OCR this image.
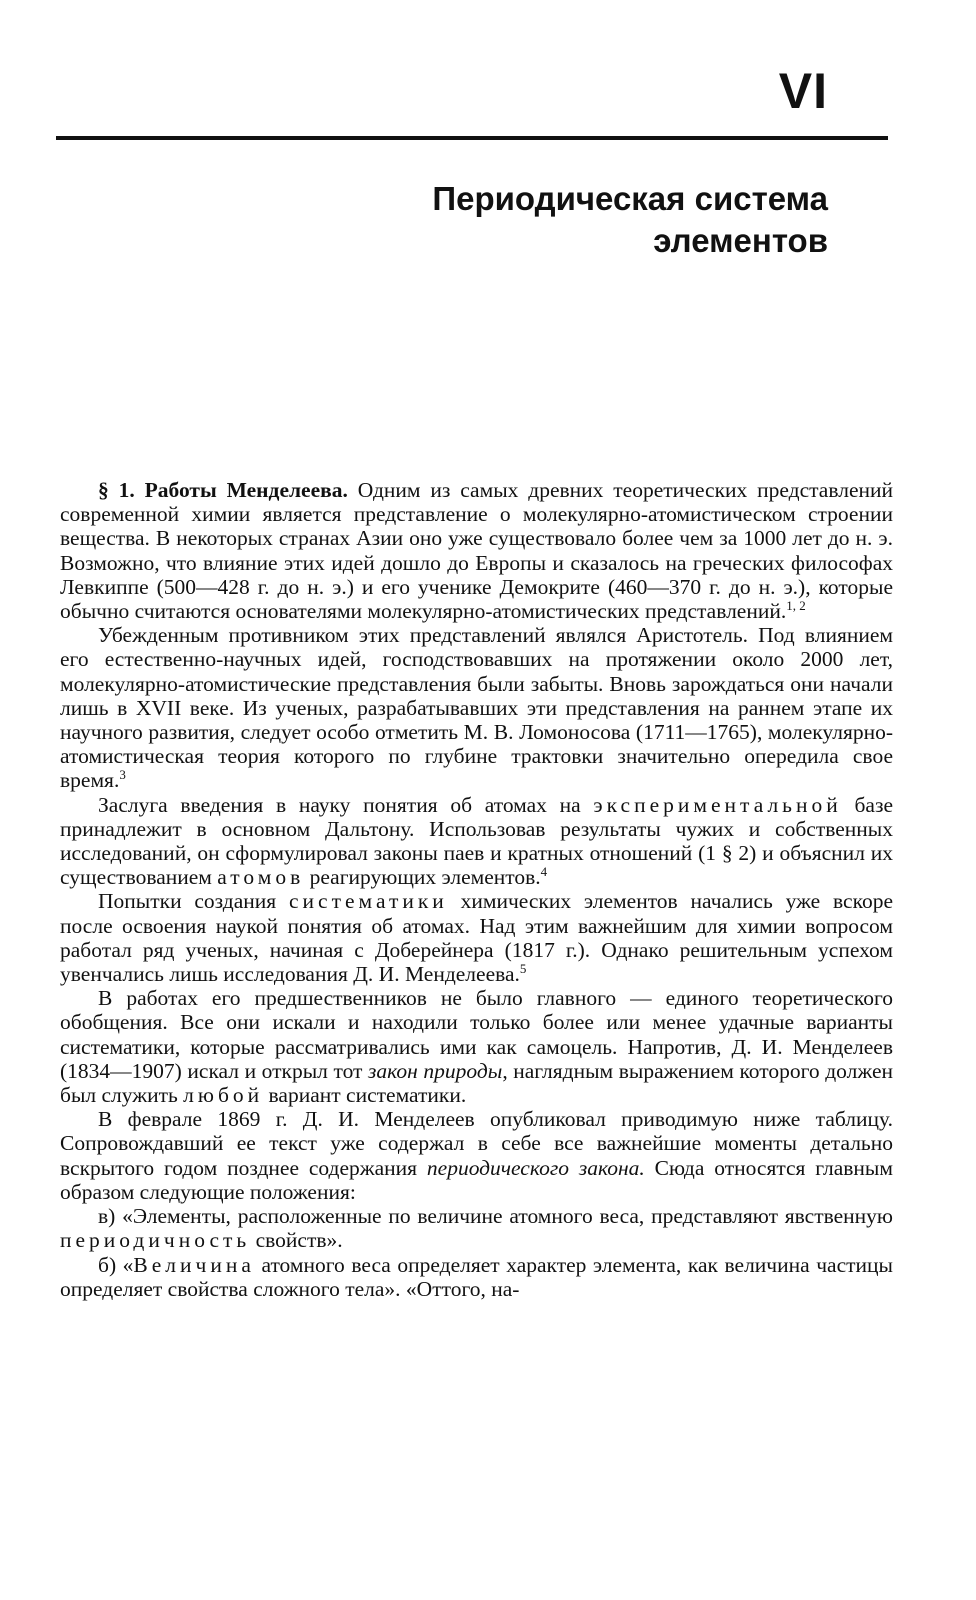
VI
Периодическая система
элементов

§ 1. Работы Менделеева. Одним из самых древних теоретических представлений современной химии является представление о молекулярно-атомистическом строении вещества. В некоторых странах Азии оно уже существовало более чем за 1000 лет до н. э. Возможно, что влияние этих идей дошло до Европы и сказалось на греческих философах Левкиппе (500—428 г. до н. э.) и его ученике Демокрите (460—370 г. до н. э.), которые обычно считаются основателями молекулярно-атомистических представлений.$^{1, 2}$

Убежденным противником этих представлений являлся Аристотель. Под влиянием его естественно-научных идей, господствовавших на протяжении около 2000 лет, молекулярно-атомистические представления были забыты. Вновь зарождаться они начали лишь в XVII веке. Из ученых, разрабатывавших эти представления на раннем этапе их научного развития, следует особо отметить М. В. Ломоносова (1711—1765), молекулярно-атомистическая теория которого по глубине трактовки значительно опередила свое время.$^3$

Заслуга введения в науку понятия об атомах на экспериментальной базе принадлежит в основном Дальтону. Использовав результаты чужих и собственных исследований, он сформулировал законы паев и кратных отношений (1 § 2) и объяснил их существованием атомов реагирующих элементов.$^4$

Попытки создания систематики химических элементов начались уже вскоре после освоения наукой понятия об атомах. Над этим важнейшим для химии вопросом работал ряд ученых, начиная с Доберейнера (1817 г.). Однако решительным успехом увенчались лишь исследования Д. И. Менделеева.$^5$

В работах его предшественников не было главного — единого теоретического обобщения. Все они искали и находили только более или менее удачные варианты систематики, которые рассматривались ими как самоцель. Напротив, Д. И. Менделеев (1834—1907) искал и открыл тот закон природы, наглядным выражением которого должен был служить любой вариант систематики.

В феврале 1869 г. Д. И. Менделеев опубликовал приводимую ниже таблицу. Сопровождавший ее текст уже содержал в себе все важнейшие моменты детально вскрытого годом позднее содержания периодического закона. Сюда относятся главным образом следующие положения:

в) «Элементы, расположенные по величине атомного веса, представляют явственную периодичность свойств».

б) «Величина атомного веса определяет характер элемента, как величина частицы определяет свойства сложного тела». «Оттого, на-
